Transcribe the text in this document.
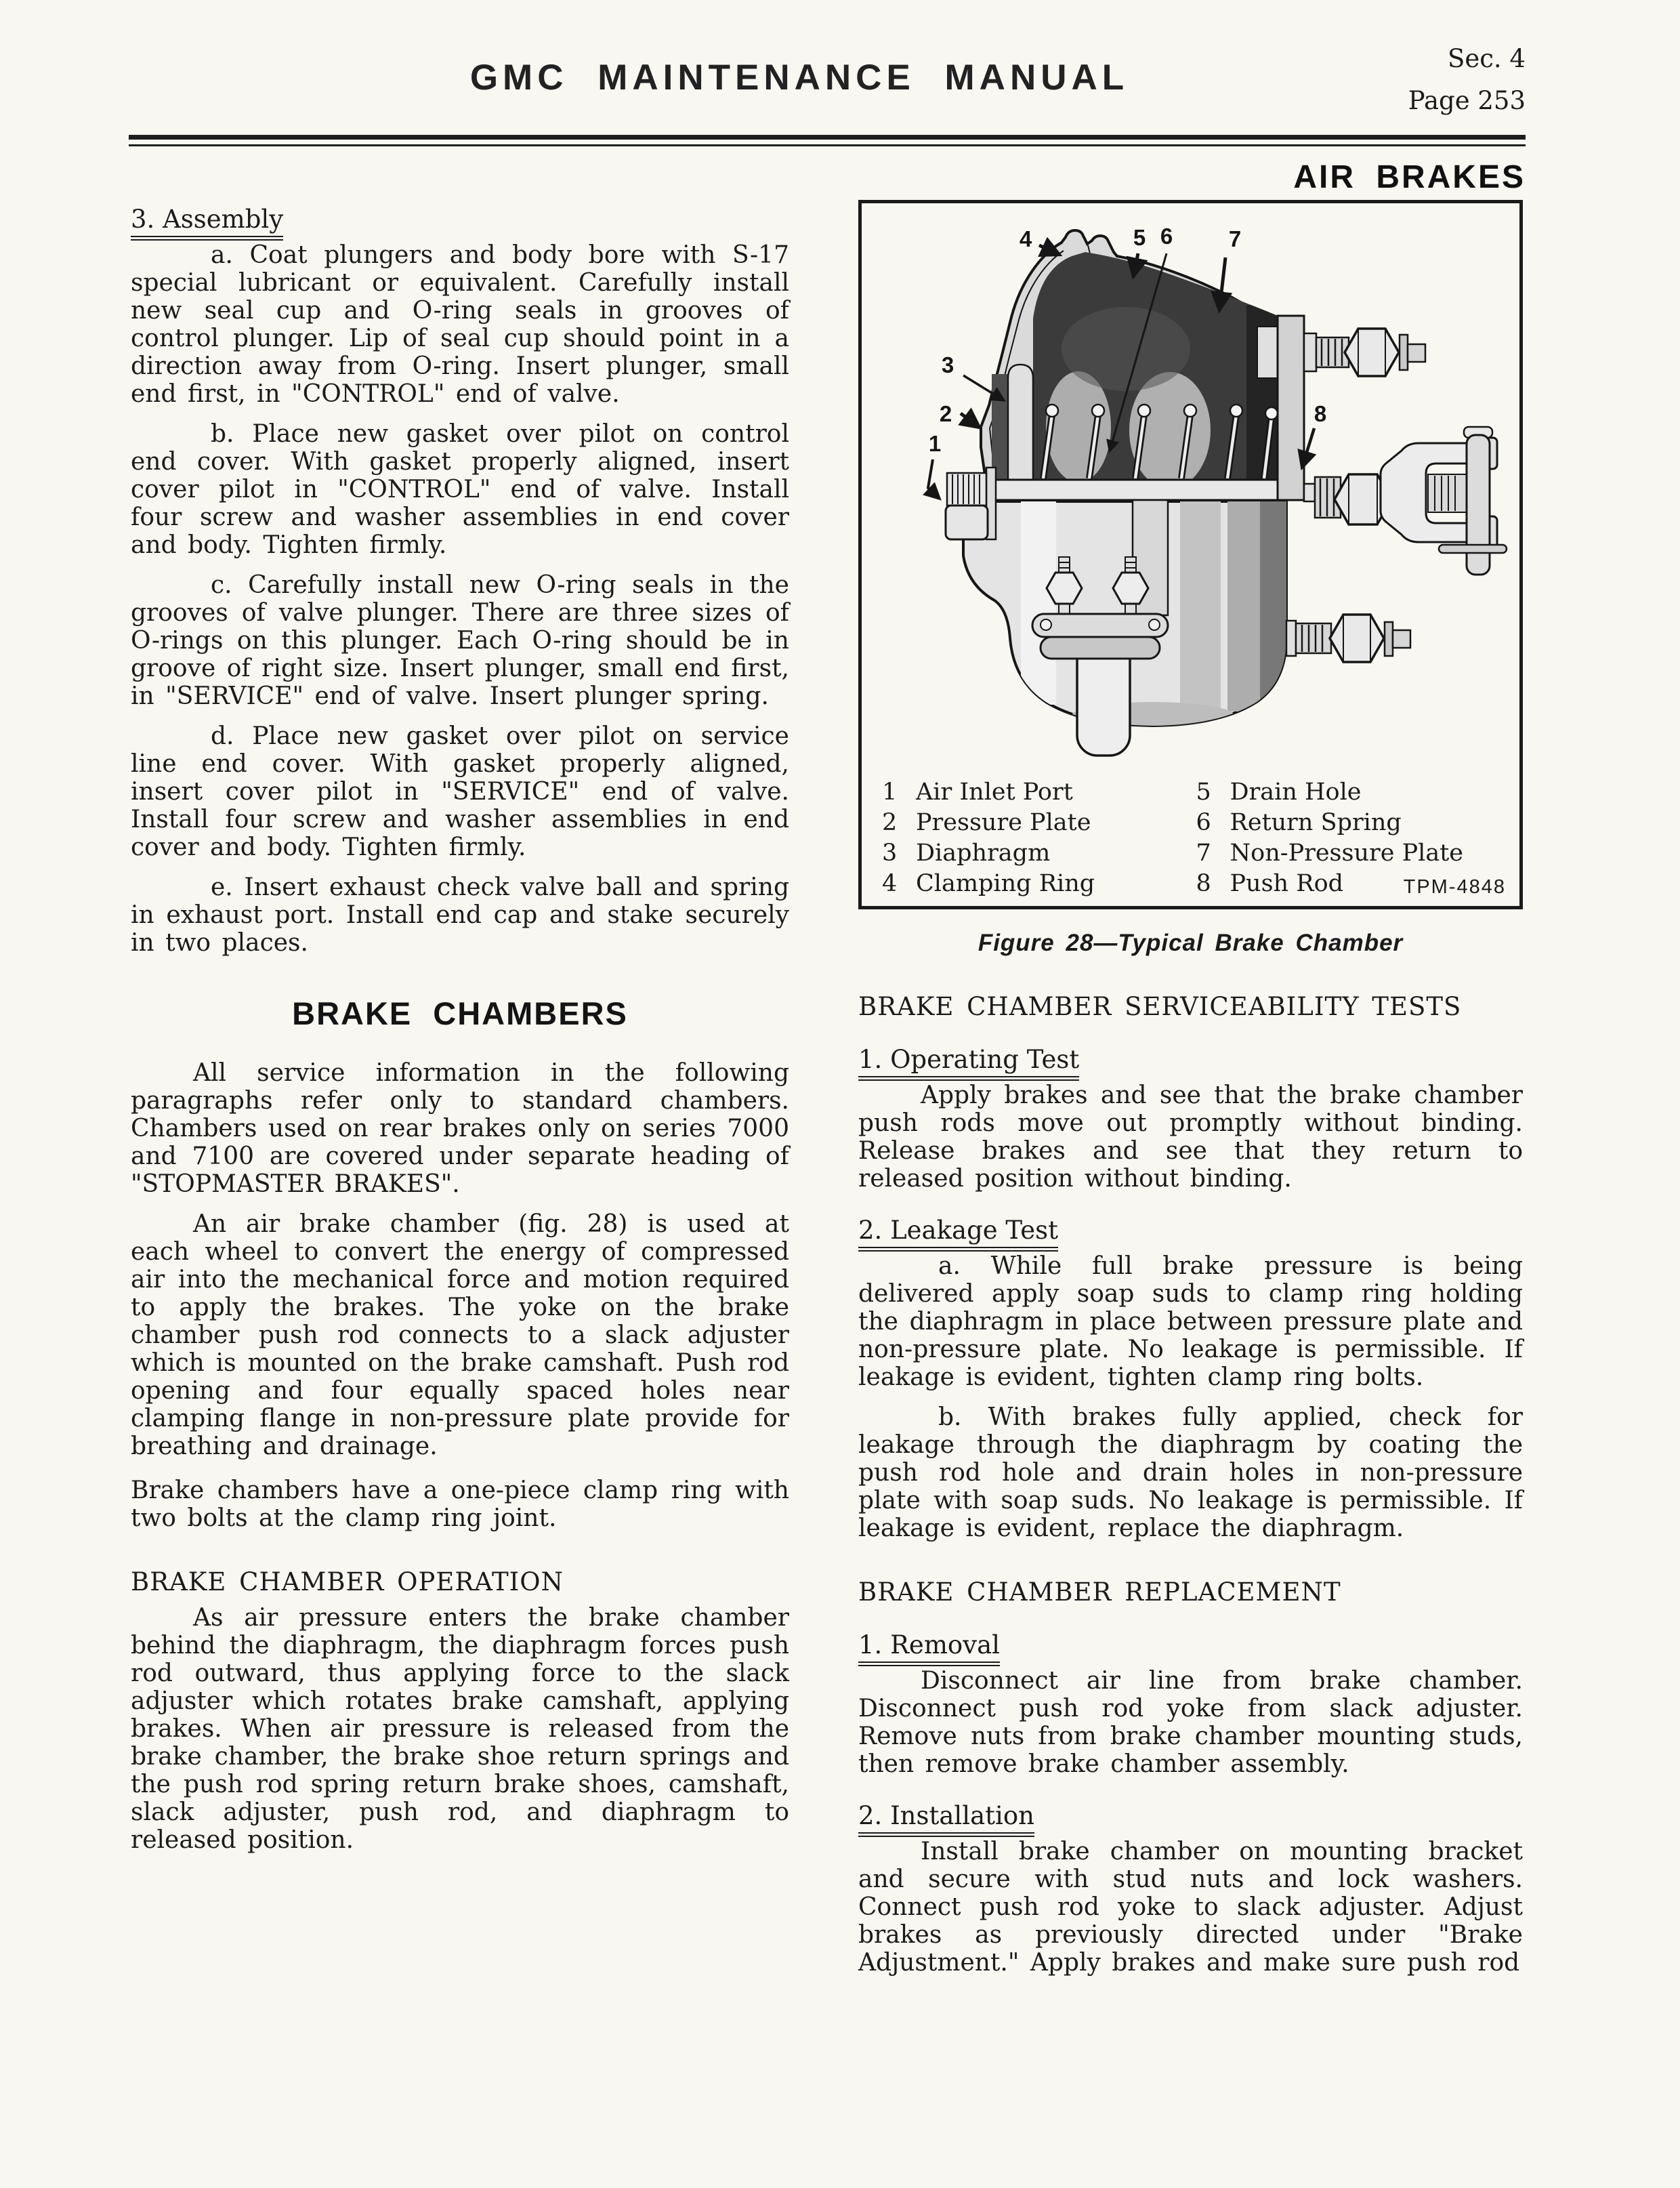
GMC MAINTENANCE MANUAL	Sec. 4
Page 253
AIR BRAKES
3. Assembly

a. Coat plungers and body bore with S-17 special lubricant or equivalent. Carefully install new seal cup and O-ring seals in grooves of control plunger. Lip of seal cup should point in a direction away from O-ring. Insert plunger, small end first, in "CONTROL" end of valve.

b. Place new gasket over pilot on control end cover. With gasket properly aligned, insert cover pilot in "CONTROL" end of valve. Install four screw and washer assemblies in end cover and body. Tighten firmly.

c. Carefully install new O-ring seals in the grooves of valve plunger. There are three sizes of O-rings on this plunger. Each O-ring should be in groove of right size. Insert plunger, small end first, in "SERVICE" end of valve. Insert plunger spring.

d. Place new gasket over pilot on service line end cover. With gasket properly aligned, insert cover pilot in "SERVICE" end of valve. Install four screw and washer assemblies in end cover and body. Tighten firmly.

e. Insert exhaust check valve ball and spring in exhaust port. Install end cap and stake securely in two places.

BRAKE CHAMBERS

All service information in the following paragraphs refer only to standard chambers. Chambers used on rear brakes only on series 7000 and 7100 are covered under separate heading of "STOPMASTER BRAKES".

An air brake chamber (fig. 28) is used at each wheel to convert the energy of compressed air into the mechanical force and motion required to apply the brakes. The yoke on the brake chamber push rod connects to a slack adjuster which is mounted on the brake camshaft. Push rod opening and four equally spaced holes near clamping flange in non-pressure plate provide for breathing and drainage.

Brake chambers have a one-piece clamp ring with two bolts at the clamp ring joint.

BRAKE CHAMBER OPERATION

As air pressure enters the brake chamber behind the diaphragm, the diaphragm forces push rod outward, thus applying force to the slack adjuster which rotates brake camshaft, applying brakes. When air pressure is released from the brake chamber, the brake shoe return springs and the push rod spring return brake shoes, camshaft, slack adjuster, push rod, and diaphragm to released position.

1
2
3
4	5 6	7
8
1 Air Inlet Port
2 Pressure Plate
3 Diaphragm
4 Clamping Ring
5 Drain Hole
6 Return Spring
7 Non-Pressure Plate
8 Push Rod	TPM-4848
Figure 28—Typical Brake Chamber
BRAKE CHAMBER SERVICEABILITY TESTS
1. Operating Test

Apply brakes and see that the brake chamber push rods move out promptly without binding. Release brakes and see that they return to released position without binding.

2. Leakage Test

a. While full brake pressure is being delivered apply soap suds to clamp ring holding the diaphragm in place between pressure plate and non-pressure plate. No leakage is permissible. If leakage is evident, tighten clamp ring bolts.

b. With brakes fully applied, check for leakage through the diaphragm by coating the push rod hole and drain holes in non-pressure plate with soap suds. No leakage is permissible. If leakage is evident, replace the diaphragm.

BRAKE CHAMBER REPLACEMENT
1. Removal

Disconnect air line from brake chamber. Disconnect push rod yoke from slack adjuster. Remove nuts from brake chamber mounting studs, then remove brake chamber assembly.

2. Installation

Install brake chamber on mounting bracket and secure with stud nuts and lock washers. Connect push rod yoke to slack adjuster. Adjust brakes as previously directed under "Brake Adjustment." Apply brakes and make sure push rod
